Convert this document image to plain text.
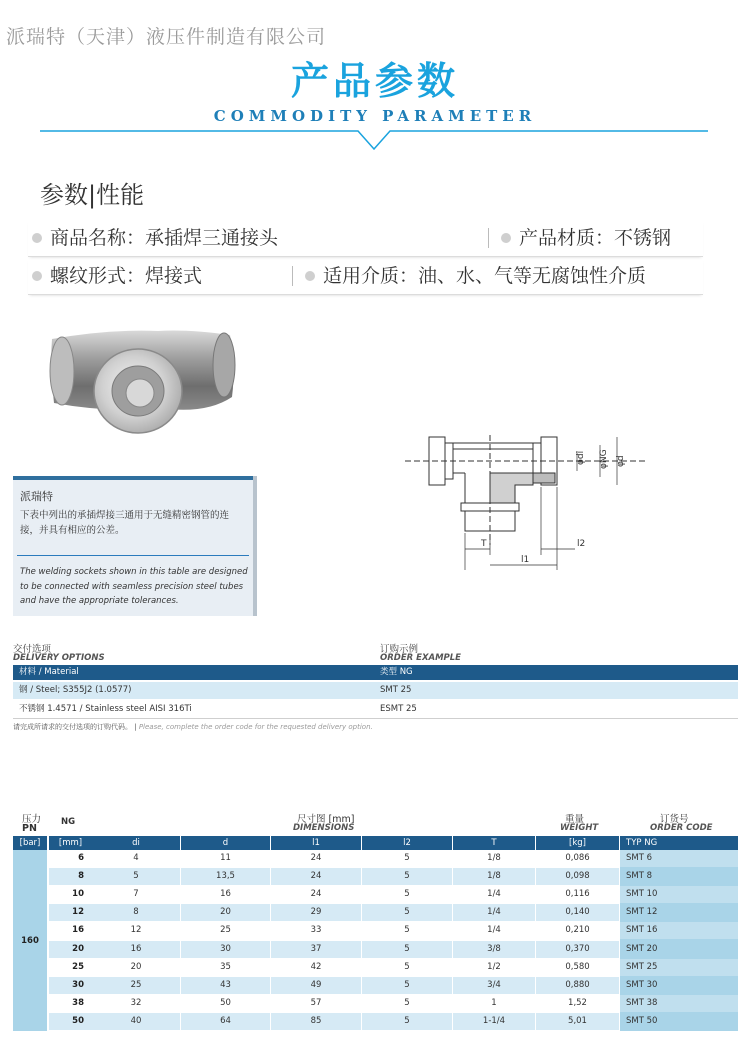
派瑞特（天津）液压件制造有限公司
产品参数
COMMODITY PARAMETER
参数|性能
商品名称：承插焊三通接头	产品材质：不锈钢
螺纹形式：焊接式	适用介质：油、水、气等无腐蚀性介质
φdi φNG φd
T
l1
l2
派瑞特
下表中列出的承插焊接三通用于无缝精密钢管的连接，并具有相应的公差。
The welding sockets shown in this table are designed to be connected with seamless precision steel tubes and have the appropriate tolerances.
交付选项
DELIVERY OPTIONS
订购示例
ORDER EXAMPLE
材料 / Material	类型 NG
钢 / Steel; S355J2 (1.0577)	SMT 25
不锈钢 1.4571 / Stainless steel AISI 316Ti	ESMT 25
请完成所请求的交付选项的订购代码。 | Please, complete the order code for the requested delivery option.
压力
PN
NG	尺寸图 [mm]
DIMENSIONS
重量
WEIGHT
订货号
ORDER CODE
[bar]	[mm]	di	d	l1	l2	T	[kg]	TYP NG
160
6	4	11	24	5	1/8	0,086	SMT 6
8	5	13,5	24	5	1/8	0,098	SMT 8
10	7	16	24	5	1/4	0,116	SMT 10
12	8	20	29	5	1/4	0,140	SMT 12
16	12	25	33	5	1/4	0,210	SMT 16
20	16	30	37	5	3/8	0,370	SMT 20
25	20	35	42	5	1/2	0,580	SMT 25
30	25	43	49	5	3/4	0,880	SMT 30
38	32	50	57	5	1	1,52	SMT 38
50	40	64	85	5	1-1/4	5,01	SMT 50
